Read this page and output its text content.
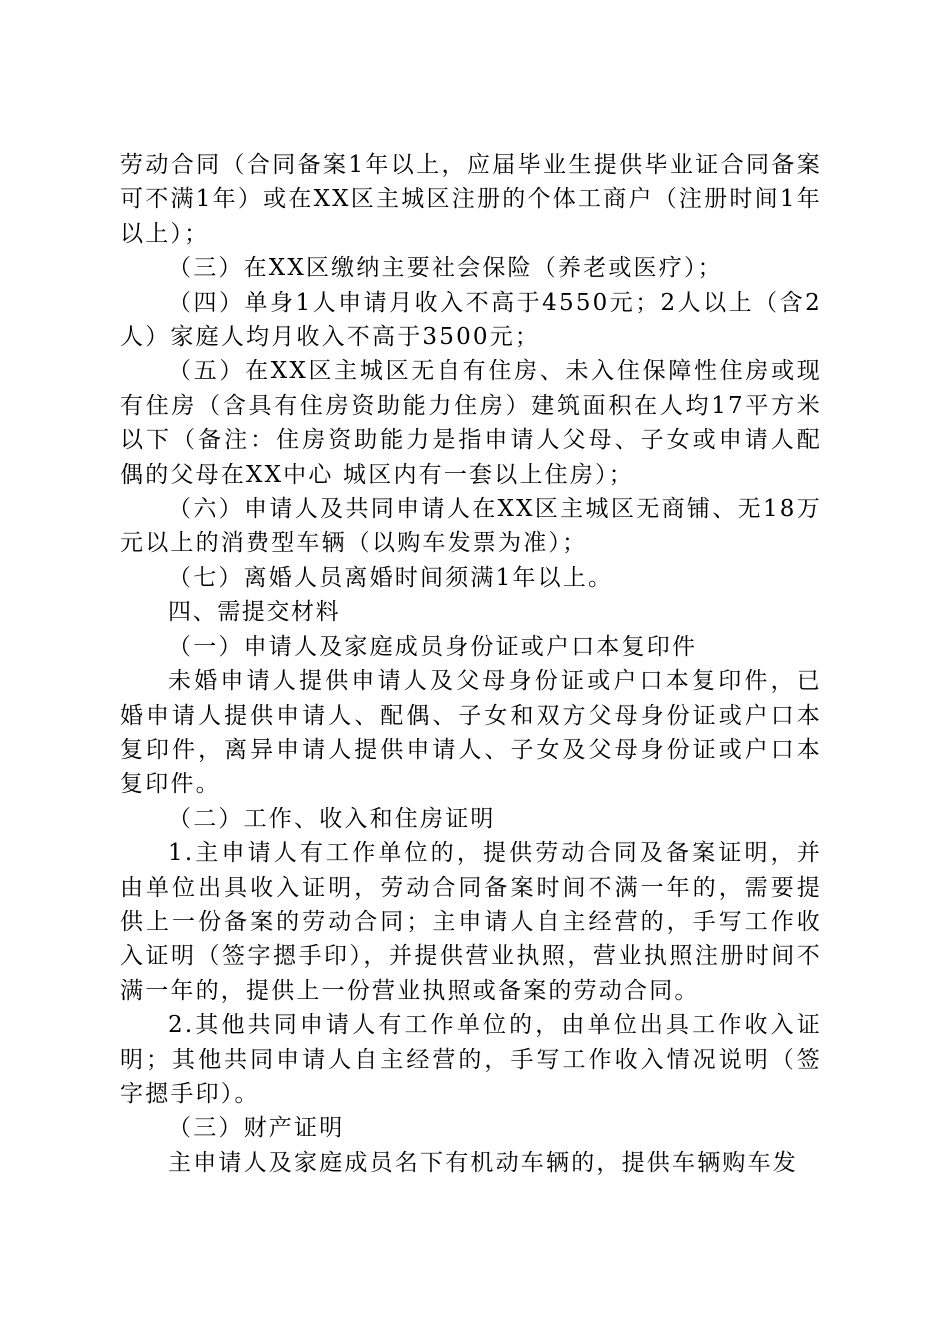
劳动合同（合同备案1年以上，应届毕业生提供毕业证合同备案可不满1年）或在XX区主城区注册的个体工商户（注册时间1年以上）；

（三）在XX区缴纳主要社会保险（养老或医疗）；

（四）单身1人申请月收入不高于4550元；2人以上（含2人）家庭人均月收入不高于3500元；

（五）在XX区主城区无自有住房、未入住保障性住房或现有住房（含具有住房资助能力住房）建筑面积在人均17平方米以下（备注：住房资助能力是指申请人父母、子女或申请人配偶的父母在XX中心 城区内有一套以上住房）；

（六）申请人及共同申请人在XX区主城区无商铺、无18万元以上的消费型车辆（以购车发票为准）；

（七）离婚人员离婚时间须满1年以上。

四、需提交材料

（一）申请人及家庭成员身份证或户口本复印件

未婚申请人提供申请人及父母身份证或户口本复印件，已婚申请人提供申请人、配偶、子女和双方父母身份证或户口本复印件，离异申请人提供申请人、子女及父母身份证或户口本复印件。

（二）工作、收入和住房证明

1.主申请人有工作单位的，提供劳动合同及备案证明，并由单位出具收入证明，劳动合同备案时间不满一年的，需要提供上一份备案的劳动合同；主申请人自主经营的，手写工作收入证明（签字摁手印），并提供营业执照，营业执照注册时间不满一年的，提供上一份营业执照或备案的劳动合同。

2.其他共同申请人有工作单位的，由单位出具工作收入证明；其他共同申请人自主经营的，手写工作收入情况说明（签字摁手印）。

（三）财产证明

主申请人及家庭成员名下有机动车辆的，提供车辆购车发
